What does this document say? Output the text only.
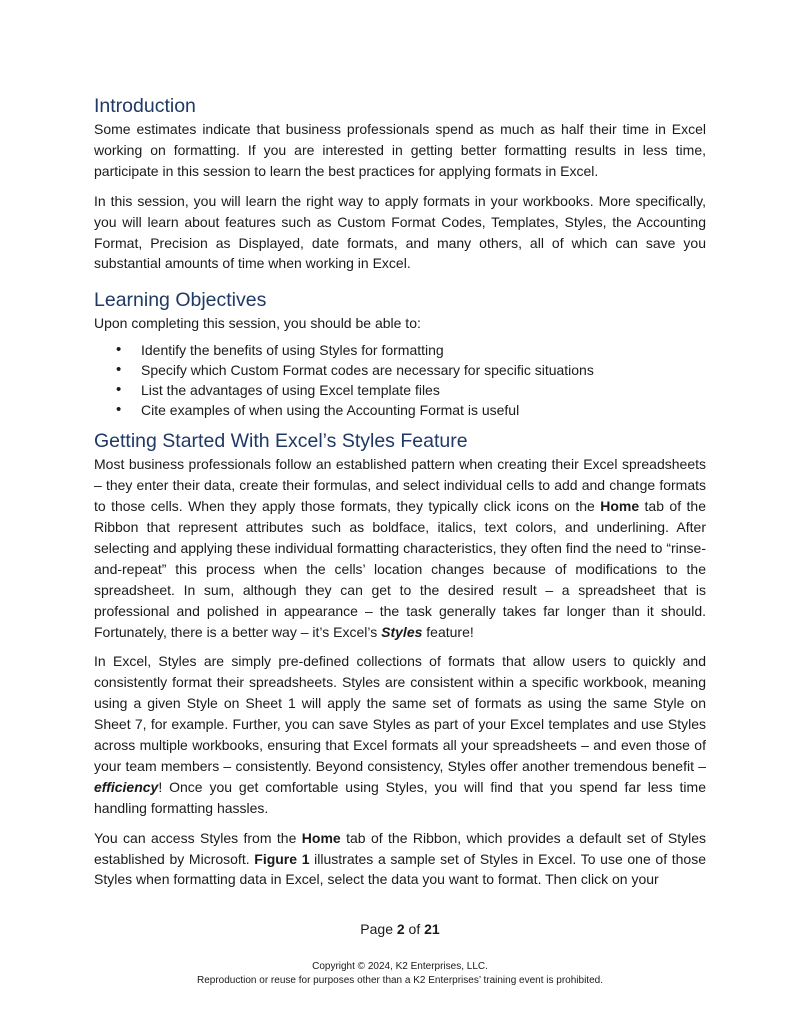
Introduction

Some estimates indicate that business professionals spend as much as half their time in Excel working on formatting. If you are interested in getting better formatting results in less time, participate in this session to learn the best practices for applying formats in Excel.

In this session, you will learn the right way to apply formats in your workbooks. More specifically, you will learn about features such as Custom Format Codes, Templates, Styles, the Accounting Format, Precision as Displayed, date formats, and many others, all of which can save you substantial amounts of time when working in Excel.

Learning Objectives

Upon completing this session, you should be able to:

• Identify the benefits of using Styles for formatting
• Specify which Custom Format codes are necessary for specific situations
• List the advantages of using Excel template files
• Cite examples of when using the Accounting Format is useful
Getting Started With Excel’s Styles Feature

Most business professionals follow an established pattern when creating their Excel spreadsheets – they enter their data, create their formulas, and select individual cells to add and change formats to those cells. When they apply those formats, they typically click icons on the Home tab of the Ribbon that represent attributes such as boldface, italics, text colors, and underlining. After selecting and applying these individual formatting characteristics, they often find the need to “rinse-and-repeat” this process when the cells’ location changes because of modifications to the spreadsheet. In sum, although they can get to the desired result – a spreadsheet that is professional and polished in appearance – the task generally takes far longer than it should. Fortunately, there is a better way – it’s Excel’s Styles feature!

In Excel, Styles are simply pre-defined collections of formats that allow users to quickly and consistently format their spreadsheets. Styles are consistent within a specific workbook, meaning using a given Style on Sheet 1 will apply the same set of formats as using the same Style on Sheet 7, for example. Further, you can save Styles as part of your Excel templates and use Styles across multiple workbooks, ensuring that Excel formats all your spreadsheets – and even those of your team members – consistently. Beyond consistency, Styles offer another tremendous benefit – efficiency! Once you get comfortable using Styles, you will find that you spend far less time handling formatting hassles.

You can access Styles from the Home tab of the Ribbon, which provides a default set of Styles established by Microsoft. Figure 1 illustrates a sample set of Styles in Excel. To use one of those Styles when formatting data in Excel, select the data you want to format. Then click on your

Page 2 of 21
Copyright © 2024, K2 Enterprises, LLC.
Reproduction or reuse for purposes other than a K2 Enterprises’ training event is prohibited.
